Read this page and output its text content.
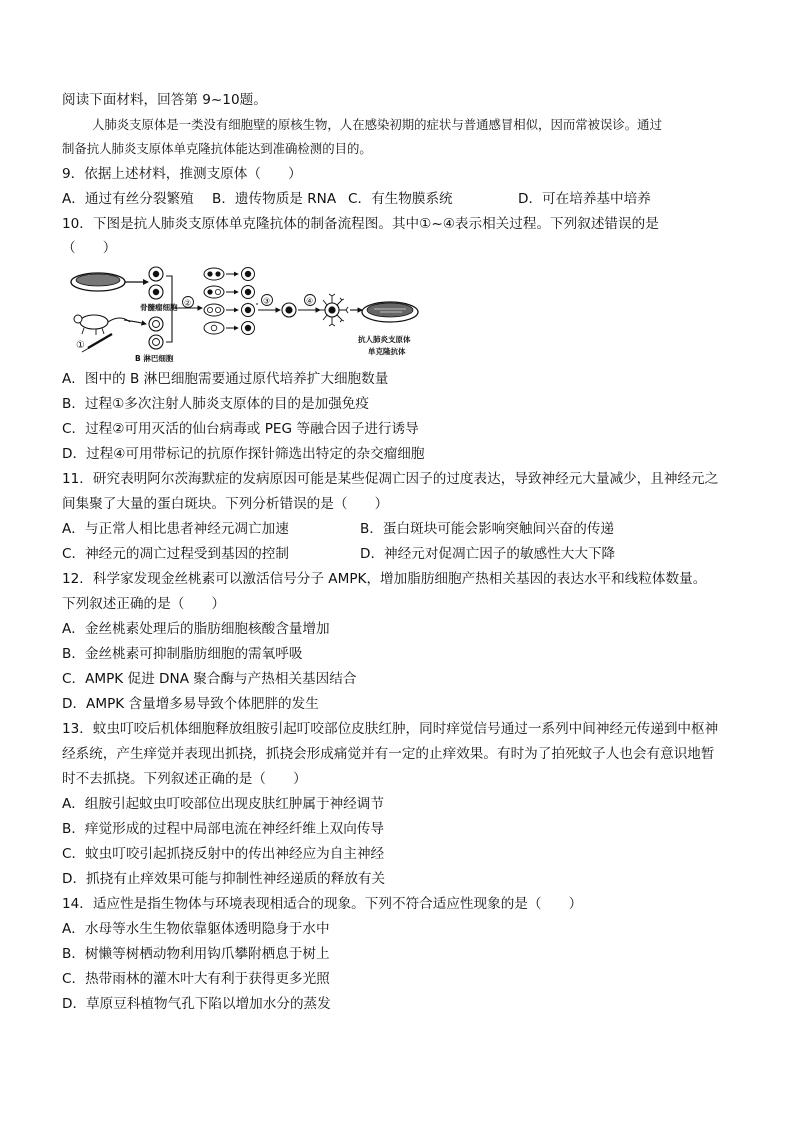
阅读下面材料，回答第 9~10题。
人肺炎支原体是一类没有细胞壁的原核生物，人在感染初期的症状与普通感冒相似，因而常被误诊。通过
制备抗人肺炎支原体单克隆抗体能达到准确检测的目的。
9．依据上述材料，推测支原体（　　）
A．通过有丝分裂繁殖 B．遗传物质是 RNA C．有生物膜系统	D．可在培养基中培养
10．下图是抗人肺炎支原体单克隆抗体的制备流程图。其中①~④表示相关过程。下列叙述错误的是
（　　）
骨髓瘤细胞
①
B 淋巴细胞
②	③	④
抗人肺炎支原体
单克隆抗体
A．图中的 B 淋巴细胞需要通过原代培养扩大细胞数量
B．过程①多次注射人肺炎支原体的目的是加强免疫
C．过程②可用灭活的仙台病毒或 PEG 等融合因子进行诱导
D．过程④可用带标记的抗原作探针筛选出特定的杂交瘤细胞
11．研究表明阿尔茨海默症的发病原因可能是某些促凋亡因子的过度表达，导致神经元大量减少，且神经元之
间集聚了大量的蛋白斑块。下列分析错误的是（　　）
A．与正常人相比患者神经元凋亡加速	B．蛋白斑块可能会影响突触间兴奋的传递
C．神经元的凋亡过程受到基因的控制	D．神经元对促凋亡因子的敏感性大大下降
12．科学家发现金丝桃素可以激活信号分子 AMPK，增加脂肪细胞产热相关基因的表达水平和线粒体数量。
下列叙述正确的是（　　）
A．金丝桃素处理后的脂肪细胞核酸含量增加
B．金丝桃素可抑制脂肪细胞的需氧呼吸
C．AMPK 促进 DNA 聚合酶与产热相关基因结合
D．AMPK 含量增多易导致个体肥胖的发生
13．蚊虫叮咬后机体细胞释放组胺引起叮咬部位皮肤红肿，同时痒觉信号通过一系列中间神经元传递到中枢神
经系统，产生痒觉并表现出抓挠，抓挠会形成痛觉并有一定的止痒效果。有时为了拍死蚊子人也会有意识地暂
时不去抓挠。下列叙述正确的是（　　）
A．组胺引起蚊虫叮咬部位出现皮肤红肿属于神经调节
B．痒觉形成的过程中局部电流在神经纤维上双向传导
C．蚊虫叮咬引起抓挠反射中的传出神经应为自主神经
D．抓挠有止痒效果可能与抑制性神经递质的释放有关
14．适应性是指生物体与环境表现相适合的现象。下列不符合适应性现象的是（　　）
A．水母等水生生物依靠躯体透明隐身于水中
B．树懒等树栖动物利用钩爪攀附栖息于树上
C．热带雨林的灌木叶大有利于获得更多光照
D．草原豆科植物气孔下陷以增加水分的蒸发
